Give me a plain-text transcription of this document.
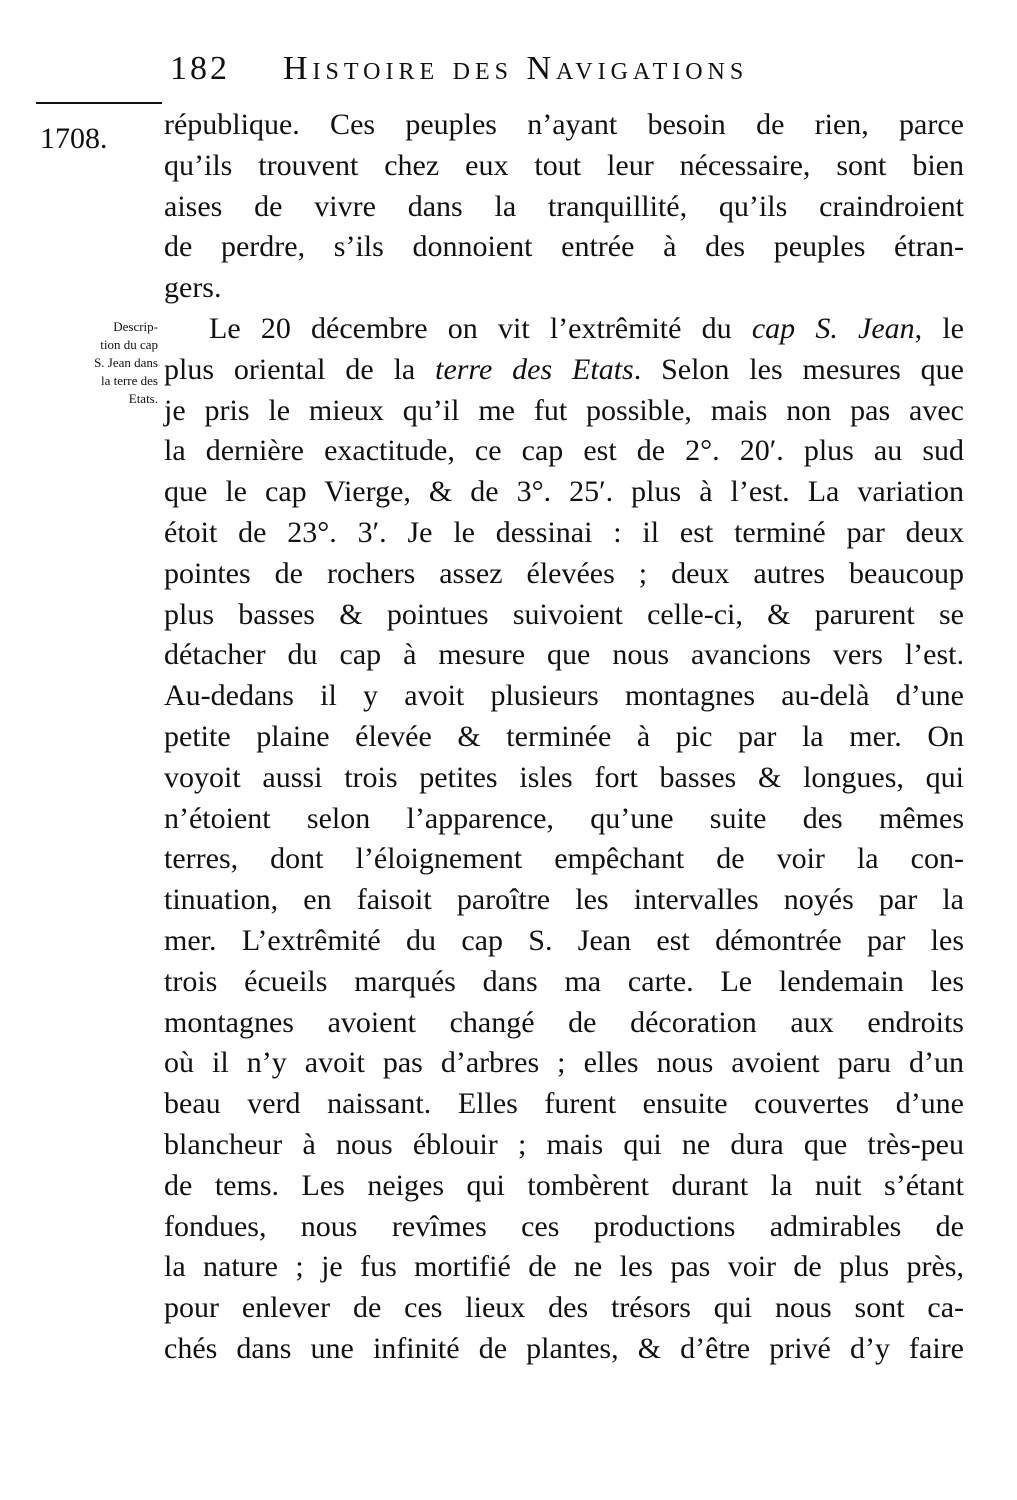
182 Histoire des Navigations
1708.
Descrip-
tion du cap
S. Jean dans
la terre des
Etats.
république. Ces peuples n’ayant besoin de rien, parce
qu’ils trouvent chez eux tout leur nécessaire, sont bien
aises de vivre dans la tranquillité, qu’ils craindroient
de perdre, s’ils donnoient entrée à des peuples étran-
gers.
Le 20 décembre on vit l’extrêmité du cap S. Jean, le
plus oriental de la terre des Etats. Selon les mesures que
je pris le mieux qu’il me fut possible, mais non pas avec
la dernière exactitude, ce cap est de 2°. 20′. plus au sud
que le cap Vierge, & de 3°. 25′. plus à l’est. La variation
étoit de 23°. 3′. Je le dessinai : il est terminé par deux
pointes de rochers assez élevées ; deux autres beaucoup
plus basses & pointues suivoient celle-ci, & parurent se
détacher du cap à mesure que nous avancions vers l’est.
Au-dedans il y avoit plusieurs montagnes au-delà d’une
petite plaine élevée & terminée à pic par la mer. On
voyoit aussi trois petites isles fort basses & longues, qui
n’étoient selon l’apparence, qu’une suite des mêmes
terres, dont l’éloignement empêchant de voir la con-
tinuation, en faisoit paroître les intervalles noyés par la
mer. L’extrêmité du cap S. Jean est démontrée par les
trois écueils marqués dans ma carte. Le lendemain les
montagnes avoient changé de décoration aux endroits
où il n’y avoit pas d’arbres ; elles nous avoient paru d’un
beau verd naissant. Elles furent ensuite couvertes d’une
blancheur à nous éblouir ; mais qui ne dura que très-peu
de tems. Les neiges qui tombèrent durant la nuit s’étant
fondues, nous revîmes ces productions admirables de
la nature ; je fus mortifié de ne les pas voir de plus près,
pour enlever de ces lieux des trésors qui nous sont ca-
chés dans une infinité de plantes, & d’être privé d’y faire
